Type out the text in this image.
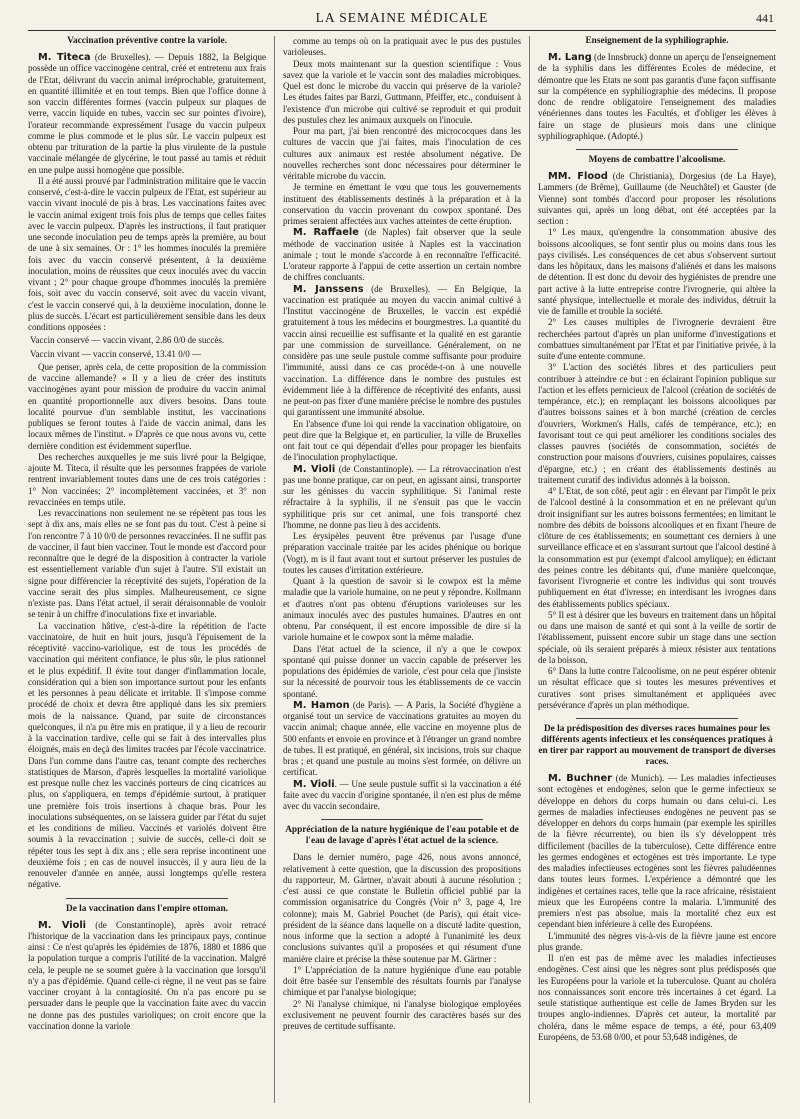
LA SEMAINE MÉDICALE	441
Vaccination préventive contre la variole.

M. Titeca (de Bruxelles). — Depuis 1882, la Belgique possède un office vaccinogène central, créé et entretenu aux frais de l'Etat, délivrant du vaccin animal irréprochable, gratuitement, en quantité illimitée et en tout temps. Bien que l'office donne à son vaccin différentes formes (vaccin pulpeux sur plaques de verre, vaccin liquide en tubes, vaccin sec sur pointes d'ivoire), l'orateur recommande expressément l'usage du vaccin pulpeux comme le plus commode et le plus sûr. Le vaccin pulpeux est obtenu par trituration de la partie la plus virulente de la pustule vaccinale mélangée de glycérine, le tout passé au tamis et réduit en une pulpe aussi homogène que possible.

Il a été aussi prouvé par l'administration militaire que le vaccin conservé, c'est-à-dire le vaccin pulpeux de l'Etat, est supérieur au vaccin vivant inoculé de pis à bras. Les vaccinations faites avec le vaccin animal exigent trois fois plus de temps que celles faites avec le vaccin pulpeux. D'après les instructions, il faut pratiquer une seconde inoculation peu de temps après la première, au bout de une à six semaines. Or : 1° les hommes inoculés la première fois avec du vaccin conservé présentent, à la deuxième inoculation, moins de réussites que ceux inoculés avec du vaccin vivant ; 2° pour chaque groupe d'hommes inoculés la première fois, soit avec du vaccin conservé, soit avec du vaccin vivant, c'est le vaccin conservé qui, à la deuxième inoculation, donne le plus de succès. L'écart est particulièrement sensible dans les deux conditions opposées :

Vaccin conservé — vaccin vivant, 2.86 0/0 de succès.

Vaccin vivant — vaccin conservé, 13.41 0/0 —

Que penser, après cela, de cette proposition de la commission de vaccine allemande? « Il y a lieu de créer des instituts vaccinogènes ayant pour mission de produire du vaccin animal en quantité proportionnelle aux divers besoins. Dans toute localité pourvue d'un semblable institut, les vaccinations publiques se feront toutes à l'aide de vaccin animal, dans les locaux mêmes de l'institut. » D'après ce que nous avons vu, cette dernière condition est évidemment superflue.

Des recherches auxquelles je me suis livré pour la Belgique, ajoute M. Titeca, il résulte que les personnes frappées de variole rentrent invariablement toutes dans une de ces trois catégories : 1° Non vaccinées; 2° incomplètement vaccinées, et 3° non revaccinées en temps utile.

Les revaccinations non seulement ne se répètent pas tous les sept à dix ans, mais elles ne se font pas du tout. C'est à peine si l'on rencontre 7 à 10 0/0 de personnes revaccinées. Il ne suffit pas de vacciner, il faut bien vacciner. Tout le monde est d'accord pour reconnaître que le degré de la disposition à contracter la variole est essentiellement variable d'un sujet à l'autre. S'il existait un signe pour différencier la réceptivité des sujets, l'opération de la vaccine serait des plus simples. Malheureusement, ce signe n'existe pas. Dans l'état actuel, il serait déraisonnable de vouloir se tenir à un chiffre d'inoculations fixe et invariable.

La vaccination hâtive, c'est-à-dire la répétition de l'acte vaccinatoire, de huit en huit jours, jusqu'à l'épuisement de la réceptivité vaccino-variolique, est de tous les procédés de vaccination qui méritent confiance, le plus sûr, le plus rationnel et le plus expéditif. Il évite tout danger d'inflammation locale, considération qui a bien son importance surtout pour les enfants et les personnes à peau délicate et irritable. Il s'impose comme procédé de choix et devra être appliqué dans les six premiers mois de la naissance. Quand, par suite de circonstances quelconques, il n'a pu être mis en pratique, il y a lieu de recourir à la vaccination tardive, celle qui se fait à des intervalles plus éloignés, mais en deçà des limites tracées par l'école vaccinatrice. Dans l'un comme dans l'autre cas, tenant compte des recherches statistiques de Marson, d'après lesquelles la mortalité variolique est presque nulle chez les vaccinés porteurs de cinq cicatrices au plus, on s'appliquera, en temps d'épidémie surtout, à pratiquer une première fois trois insertions à chaque bras. Pour les inoculations subséquentes, on se laissera guider par l'état du sujet et les conditions de milieu. Vaccinés et variolés doivent être soumis à la revaccination ; suivie de succès, celle-ci doit se répéter tous les sept à dix ans ; elle sera reprise incontinent une deuxième fois ; en cas de nouvel insuccès, il y aura lieu de la renouveler d'année en année, aussi longtemps qu'elle restera négative.

De la vaccination dans l'empire ottoman.

M. Violi (de Constantinople), après avoir retracé l'historique de la vaccination dans les principaux pays, continue ainsi : Ce n'est qu'après les épidémies de 1876, 1880 et 1886 que la population turque a compris l'utilité de la vaccination. Malgré cela, le peuple ne se soumet guère à la vaccination que lorsqu'il n'y a pas d'épidémie. Quand celle-ci règne, il ne veut pas se faire vacciner croyant à la contagiosité. On n'a pas encore pu se persuader dans le peuple que la vaccination faite avec du vaccin ne donne pas des pustules varioliques; on croit encore que la vaccination donne la variole

comme au temps où on la pratiquait avec le pus des pustules varioleuses.

Deux mots maintenant sur la question scientifique : Vous savez que la variole et le vaccin sont des maladies microbiques. Quel est donc le microbe du vaccin qui préserve de la variole? Les études faites par Barzi, Guttmann, Pfeiffer, etc., conduisent à l'existence d'un microbe qui cultivé se reproduit et qui produit des pustules chez les animaux auxquels on l'inocule.

Pour ma part, j'ai bien rencontré des micrococques dans les cultures de vaccin que j'ai faites, mais l'inoculation de ces cultures aux animaux est restée absolument négative. De nouvelles recherches sont donc nécessaires pour déterminer le véritable microbe du vaccin.

Je termine en émettant le vœu que tous les gouvernements instituent des établissements destinés à la préparation et à la conservation du vaccin provenant du cowpox spontané. Des primes seraient affectées aux vaches atteintes de cette éruption.

M. Raffaele (de Naples) fait observer que la seule méthode de vaccination usitée à Naples est la vaccination animale ; tout le monde s'accorde à en reconnaître l'efficacité. L'orateur rapporte à l'appui de cette assertion un certain nombre de chiffres concluants.

M. Janssens (de Bruxelles). — En Belgique, la vaccination est pratiquée au moyen du vaccin animal cultivé à l'Institut vaccinogène de Bruxelles, le vaccin est expédié gratuitement à tous les médecins et bourgmestres. La quantité du vaccin ainsi recueillie est suffisante et la qualité en est garantie par une commission de surveillance. Généralement, on ne considère pas une seule pustule comme suffisante pour produire l'immunité, aussi dans ce cas procède-t-on à une nouvelle vaccination. La différence dans le nombre des pustules est évidemment liée à la différence de réceptivité des enfants, aussi ne peut-on pas fixer d'une manière précise le nombre des pustules qui garantissent une immunité absolue.

En l'absence d'une loi qui rende la vaccination obligatoire, on peut dire que la Belgique et, en particulier, la ville de Bruxelles ont fait tout ce qui dépendait d'elles pour propager les bienfaits de l'inoculation prophylactique.

M. Violi (de Constantinople). — La rétrovaccination n'est pas une bonne pratique, car on peut, en agissant ainsi, transporter sur les génisses du vaccin syphilitique. Si l'animal reste réfractaire à la syphilis, il ne s'ensuit pas que le vaccin syphilitique pris sur cet animal, une fois transporté chez l'homme, ne donne pas lieu à des accidents.

Les érysipèles peuvent être prévenus par l'usage d'une préparation vaccinale traitée par les acides phénique ou borique (Vogt), m is il faut avant tout et surtout préserver les pustules de toutes les causes d'irritation extérieure.

Quant à la question de savoir si le cowpox est la même maladie que la variole humaine, on ne peut y répondre. Kollmann et d'autres n'ont pas obtenu d'éruptions varioleuses sur les animaux inoculés avec des pustules humaines. D'autres en ont obtenu. Par conséquent, il est encore impossible de dire si la variole humaine et le cowpox sont la même maladie.

Dans l'état actuel de la science, il n'y a que le cowpox spontané qui puisse donner un vaccin capable de préserver les populations des épidémies de variole, c'est pour cela que j'insiste sur la nécessité de pourvoir tous les établissements de ce vaccin spontané.

M. Hamon (de Paris). — A Paris, la Société d'hygiène a organisé tout un service de vaccinations gratuites au moyen du vaccin animal; chaque année, elle vaccine en moyenne plus de 500 enfants et envoie en province et à l'étranger un grand nombre de tubes. Il est pratiqué, en général, six incisions, trois sur chaque bras ; et quand une pustule au moins s'est formée, on délivre un certificat.

M. Violi. — Une seule pustule suffit si la vaccination a été faite avec du vaccin d'origine spontanée, il n'en est plus de même avec du vaccin secondaire.

Appréciation de la nature hygiénique de l'eau potable et de l'eau de lavage d'après l'état actuel de la science.

Dans le dernier numéro, page 426, nous avons annoncé, relativement à cette question, que la discussion des propositions du rapporteur, M. Gärtner, n'avait abouti à aucune résolution ; c'est aussi ce que constate le Bulletin officiel publié par la commission organisatrice du Congrès (Voir n° 3, page 4, 1re colonne); mais M. Gabriel Pouchet (de Paris), qui était vice-président de la séance dans laquelle on a discuté ladite question, nous informe que la section a adopté à l'unanimité les deux conclusions suivantes qu'il a proposées et qui résument d'une manière claire et précise la thèse soutenue par M. Gärtner :

1° L'appréciation de la nature hygiénique d'une eau potable doit être basée sur l'ensemble des résultats fournis par l'analyse chimique et par l'analyse biologique;

2° Ni l'analyse chimique, ni l'analyse biologique employées exclusivement ne peuvent fournir des caractères basés sur des preuves de certitude suffisante.

Enseignement de la syphiliographie.

M. Lang (de Innsbruck) donne un aperçu de l'enseignement de la syphilis dans les différentes Ecoles de médecine, et démontre que les Etats ne sont pas garantis d'une façon suffisante sur la compétence en syphiliographie des médecins. Il propose donc de rendre obligatoire l'enseignement des maladies vénériennes dans toutes les Facultés, et d'obliger les élèves à faire un stage de plusieurs mois dans une clinique syphiliographique. (Adopté.)

Moyens de combattre l'alcoolisme.

MM. Flood (de Christiania), Dorgesius (de La Haye), Lammers (de Brême), Guillaume (de Neuchâtel) et Gauster (de Vienne) sont tombés d'accord pour proposer les résolutions suivantes qui, après un long débat, ont été acceptées par la section :

1° Les maux, qu'engendre la consommation abusive des boissons alcooliques, se font sentir plus ou moins dans tous les pays civilisés. Les conséquences de cet abus s'observent surtout dans les hôpitaux, dans les maisons d'aliénés et dans les maisons de détention. Il est donc du devoir des hygiénistes de prendre une part active à la lutte entreprise contre l'ivrognerie, qui altère la santé physique, intellectuelle et morale des individus, détruit la vie de famille et trouble la société.

2° Les causes multiples de l'ivrognerie devraient être recherchées partout d'après un plan uniforme d'investigations et combattues simultanément par l'Etat et par l'initiative privée, à la suite d'une entente commune.

3° L'action des sociétés libres et des particuliers peut contribuer à atteindre ce but : en éclairant l'opinion publique sur l'action et les effets pernicieux de l'alcool (création de sociétés de tempérance, etc.); en remplaçant les boissons alcooliques par d'autres boissons saines et à bon marché (création de cercles d'ouvriers, Workmen's Halls, cafés de tempérance, etc.); en favorisant tout ce qui peut améliorer les conditions sociales des classes pauvres (sociétés de consommation, sociétés de construction pour maisons d'ouvriers, cuisines populaires, caisses d'épargne, etc.) ; en créant des établissements destinés au traitement curatif des individus adonnés à la boisson.

4° L'Etat, de son côté, peut agir : en élevant par l'impôt le prix de l'alcool destiné à la consommation et en ne prélevant qu'un droit insignifiant sur les autres boissons fermentées; en limitant le nombre des débits de boissons alcooliques et en fixant l'heure de clôture de ces établissements; en soumettant ces derniers à une surveillance efficace et en s'assurant surtout que l'alcool destiné à la consommation est pur (exempt d'alcool amylique); en édictant des peines contre les débitants qui, d'une manière quelconque, favorisent l'ivrognerie et contre les individus qui sont trouvés publiquement en état d'ivresse; en interdisant les ivrognes dans des établissements publics spéciaux.

5° Il est à désirer que les buveurs en traitement dans un hôpital ou dans une maison de santé et qui sont à la veille de sortir de l'établissement, puissent encore subir un stage dans une section spéciale, où ils seraient préparés à mieux résister aux tentations de la boisson.

6° Dans la lutte contre l'alcoolisme, on ne peut espérer obtenir un résultat efficace que si toutes les mesures préventives et curatives sont prises simultanément et appliquées avec persévérance d'après un plan méthodique.

De la prédisposition des diverses races humaines pour les différents agents infectieux et les conséquences pratiques à en tirer par rapport au mouvement de transport de diverses races.

M. Buchner (de Munich). — Les maladies infectieuses sont ectogènes et endogènes, selon que le germe infectieux se développe en dehors du corps humain ou dans celui-ci. Les germes de maladies infectieuses endogènes ne peuvent pas se développer en dehors du corps humain (par exemple les spirilles de la fièvre récurrente), ou bien ils s'y développent très difficilement (bacilles de la tuberculose). Cette différence entre les germes endogènes et ectogènes est très importante. Le type des maladies infectieuses ectogènes sont les fièvres paludéennes dans toutes leurs formes. L'expérience a démontré que les indigènes et certaines races, telle que la race africaine, résistaient mieux que les Européens contre la malaria. L'immunité des premiers n'est pas absolue, mais la mortalité chez eux est cependant bien inférieure à celle des Européens.

L'immunité des nègres vis-à-vis de la fièvre jaune est encore plus grande.

Il n'en est pas de même avec les maladies infectieuses endogènes. C'est ainsi que les nègres sont plus prédisposés que les Européens pour la variole et la tuberculose. Quant au choléra nos connaissances sont encore très incertaines à cet égard. La seule statistique authentique est celle de James Bryden sur les troupes anglo-indiennes. D'après cet auteur, la mortalité par choléra, dans le même espace de temps, a été, pour 63,409 Européens, de 53.68 0/00, et pour 53,648 indigènes, de
